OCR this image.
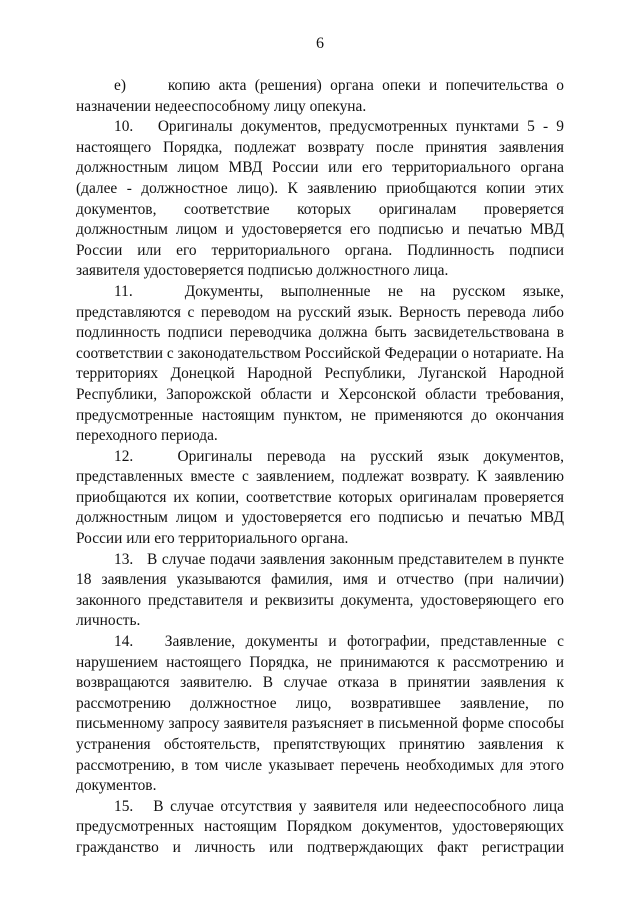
6

е)     копию акта (решения) органа опеки и попечительства о назначении недееспособному лицу опекуна.

10.   Оригиналы документов, предусмотренных пунктами 5 - 9 настоящего Порядка, подлежат возврату после принятия заявления должностным лицом МВД России или его территориального органа (далее - должностное лицо). К заявлению приобщаются копии этих документов, соответствие которых оригиналам проверяется должностным лицом и удостоверяется его подписью и печатью МВД России или его территориального органа. Подлинность подписи заявителя удостоверяется подписью должностного лица.

11.   Документы, выполненные не на русском языке, представляются с переводом на русский язык. Верность перевода либо подлинность подписи переводчика должна быть засвидетельствована в соответствии с законодательством Российской Федерации о нотариате. На территориях Донецкой Народной Республики, Луганской Народной Республики, Запорожской области и Херсонской области требования, предусмотренные настоящим пунктом, не применяются до окончания переходного периода.

12.   Оригиналы перевода на русский язык документов, представленных вместе с заявлением, подлежат возврату. К заявлению приобщаются их копии, соответствие которых оригиналам проверяется должностным лицом и удостоверяется его подписью и печатью МВД России или его территориального органа.

13.   В случае подачи заявления законным представителем в пункте 18 заявления указываются фамилия, имя и отчество (при наличии) законного представителя и реквизиты документа, удостоверяющего его личность.

14.   Заявление, документы и фотографии, представленные с нарушением настоящего Порядка, не принимаются к рассмотрению и возвращаются заявителю. В случае отказа в принятии заявления к рассмотрению должностное лицо, возвратившее заявление, по письменному запросу заявителя разъясняет в письменной форме способы устранения обстоятельств, препятствующих принятию заявления к рассмотрению, в том числе указывает перечень необходимых для этого документов.

15.   В случае отсутствия у заявителя или недееспособного лица предусмотренных настоящим Порядком документов, удостоверяющих гражданство и личность или подтверждающих факт регистрации
